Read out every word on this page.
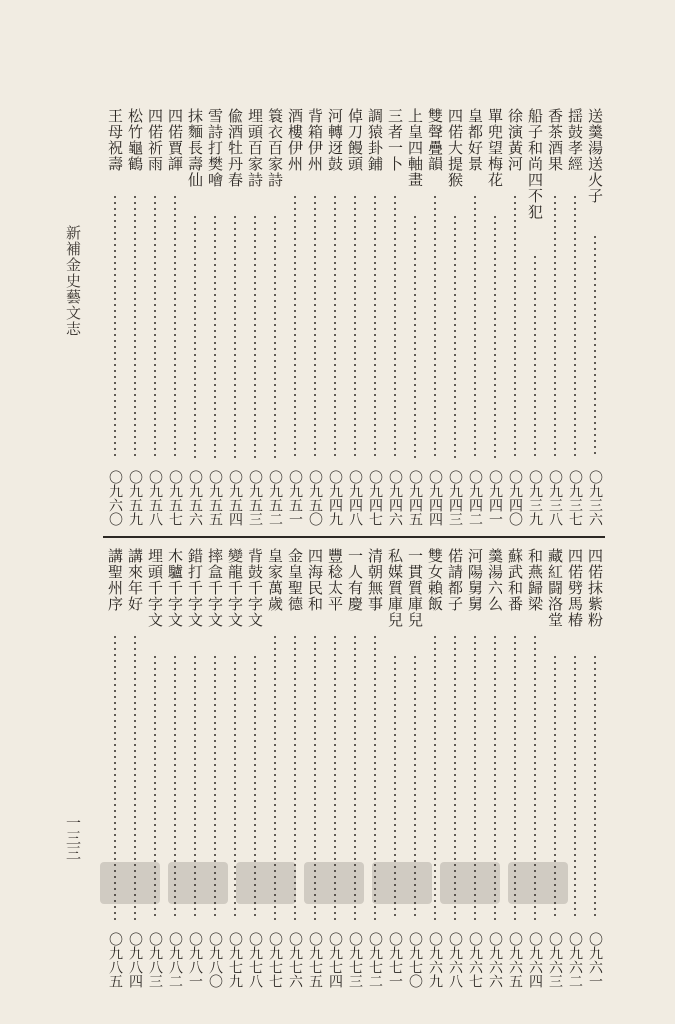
新補金史藝文志
一三三
送羹湯送火子
〇九三六
揺鼓孝經
〇九三七
香茶酒果
〇九三八
船子和尚四不犯
〇九三九
徐演黃河
〇九四〇
單兜望梅花
〇九四一
皇都好景
〇九四二
四偌大提猴
〇九四三
雙聲疊韻
〇九四四
上皇四軸畫
〇九四五
三者一卜
〇九四六
調猿卦鋪
〇九四七
倬刀饅頭
〇九四八
河轉迓鼓
〇九四九
背箱伊州
〇九五〇
酒樓伊州
〇九五一
簑衣百家詩
〇九五二
埋頭百家詩
〇九五三
偸酒牡丹春
〇九五四
雪詩打樊噲
〇九五五
抹麵長壽仙
〇九五六
四偌賈諢
〇九五七
四偌祈雨
〇九五八
松竹龜鶴
〇九五九
王母祝壽
〇九六〇
四偌抹紫粉
〇九六一
四偌劈馬椿
〇九六二
藏紅闘洛堂
〇九六三
和燕歸梁
〇九六四
蘇武和番
〇九六五
羹湯六么
〇九六六
河陽舅舅
〇九六七
偌請都子
〇九六八
雙女賴飯
〇九六九
一貫質庫兒
〇九七〇
私媒質庫兒
〇九七一
清朝無事
〇九七二
一人有慶
〇九七三
豐稔太平
〇九七四
四海民和
〇九七五
金皇聖德
〇九七六
皇家萬歲
〇九七七
背鼓千字文
〇九七八
變龍千字文
〇九七九
摔盒千字文
〇九八〇
錯打千字文
〇九八一
木驢千字文
〇九八二
埋頭千字文
〇九八三
講來年好
〇九八四
講聖州序
〇九八五
